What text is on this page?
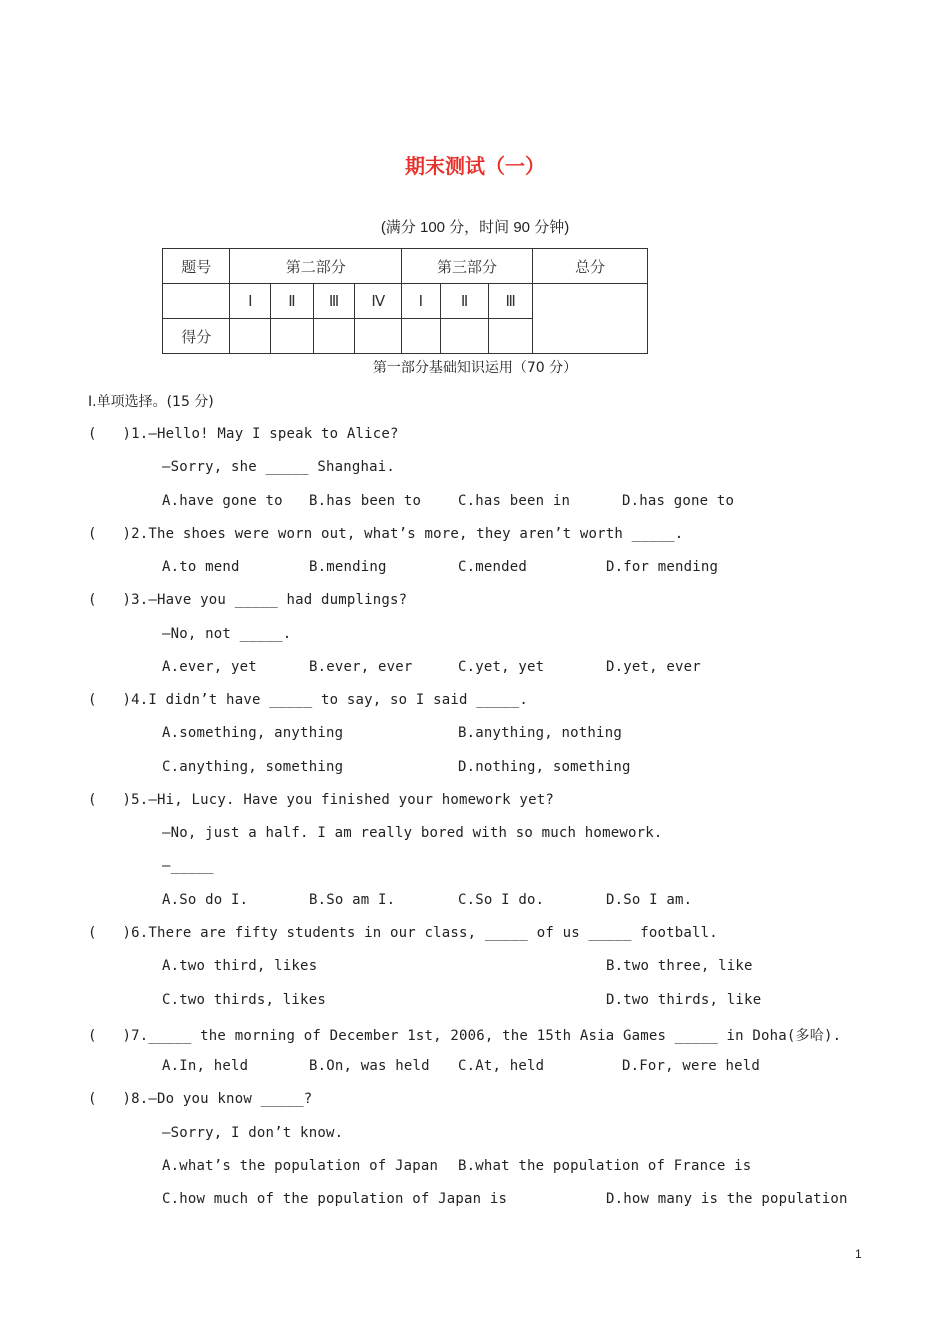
期末测试（一）
(满分 100 分，时间 90 分钟)
题号	第二部分				第三部分			总分
	Ⅰ	Ⅱ	Ⅲ	Ⅳ	Ⅰ	Ⅱ	Ⅲ	
得分								
第一部分基础知识运用（70 分）
Ⅰ.单项选择。(15 分)
(   )1.—Hello! May I speak to Alice?
—Sorry, she _____ Shanghai.
A.have gone to B.has been to	C.has been in	D.has gone to
(   )2.The shoes were worn out, what’s more, they aren’t worth _____.
A.to mend	B.mending	C.mended	D.for mending
(   )3.—Have you _____ had dumplings?
—No, not _____.
A.ever, yet	B.ever, ever	C.yet, yet	D.yet, ever
(   )4.I didn’t have _____ to say, so I said _____.
A.something, anything	B.anything, nothing
C.anything, something	D.nothing, something
(   )5.—Hi, Lucy. Have you finished your homework yet?
—No, just a half. I am really bored with so much homework.
—_____
A.So do I.	B.So am I.	C.So I do.	D.So I am.
(   )6.There are fifty students in our class, _____ of us _____ football.
A.two third, likes	B.two three, like
C.two thirds, likes	D.two thirds, like
(   )7._____ the morning of December 1st, 2006, the 15th Asia Games _____ in Doha(多哈).
A.In, held	B.On, was held C.At, held	D.For, were held
(   )8.—Do you know _____?
—Sorry, I don’t know.
A.what’s the population of Japan B.what the population of France is
C.how much of the population of Japan is	D.how many is the population
1
